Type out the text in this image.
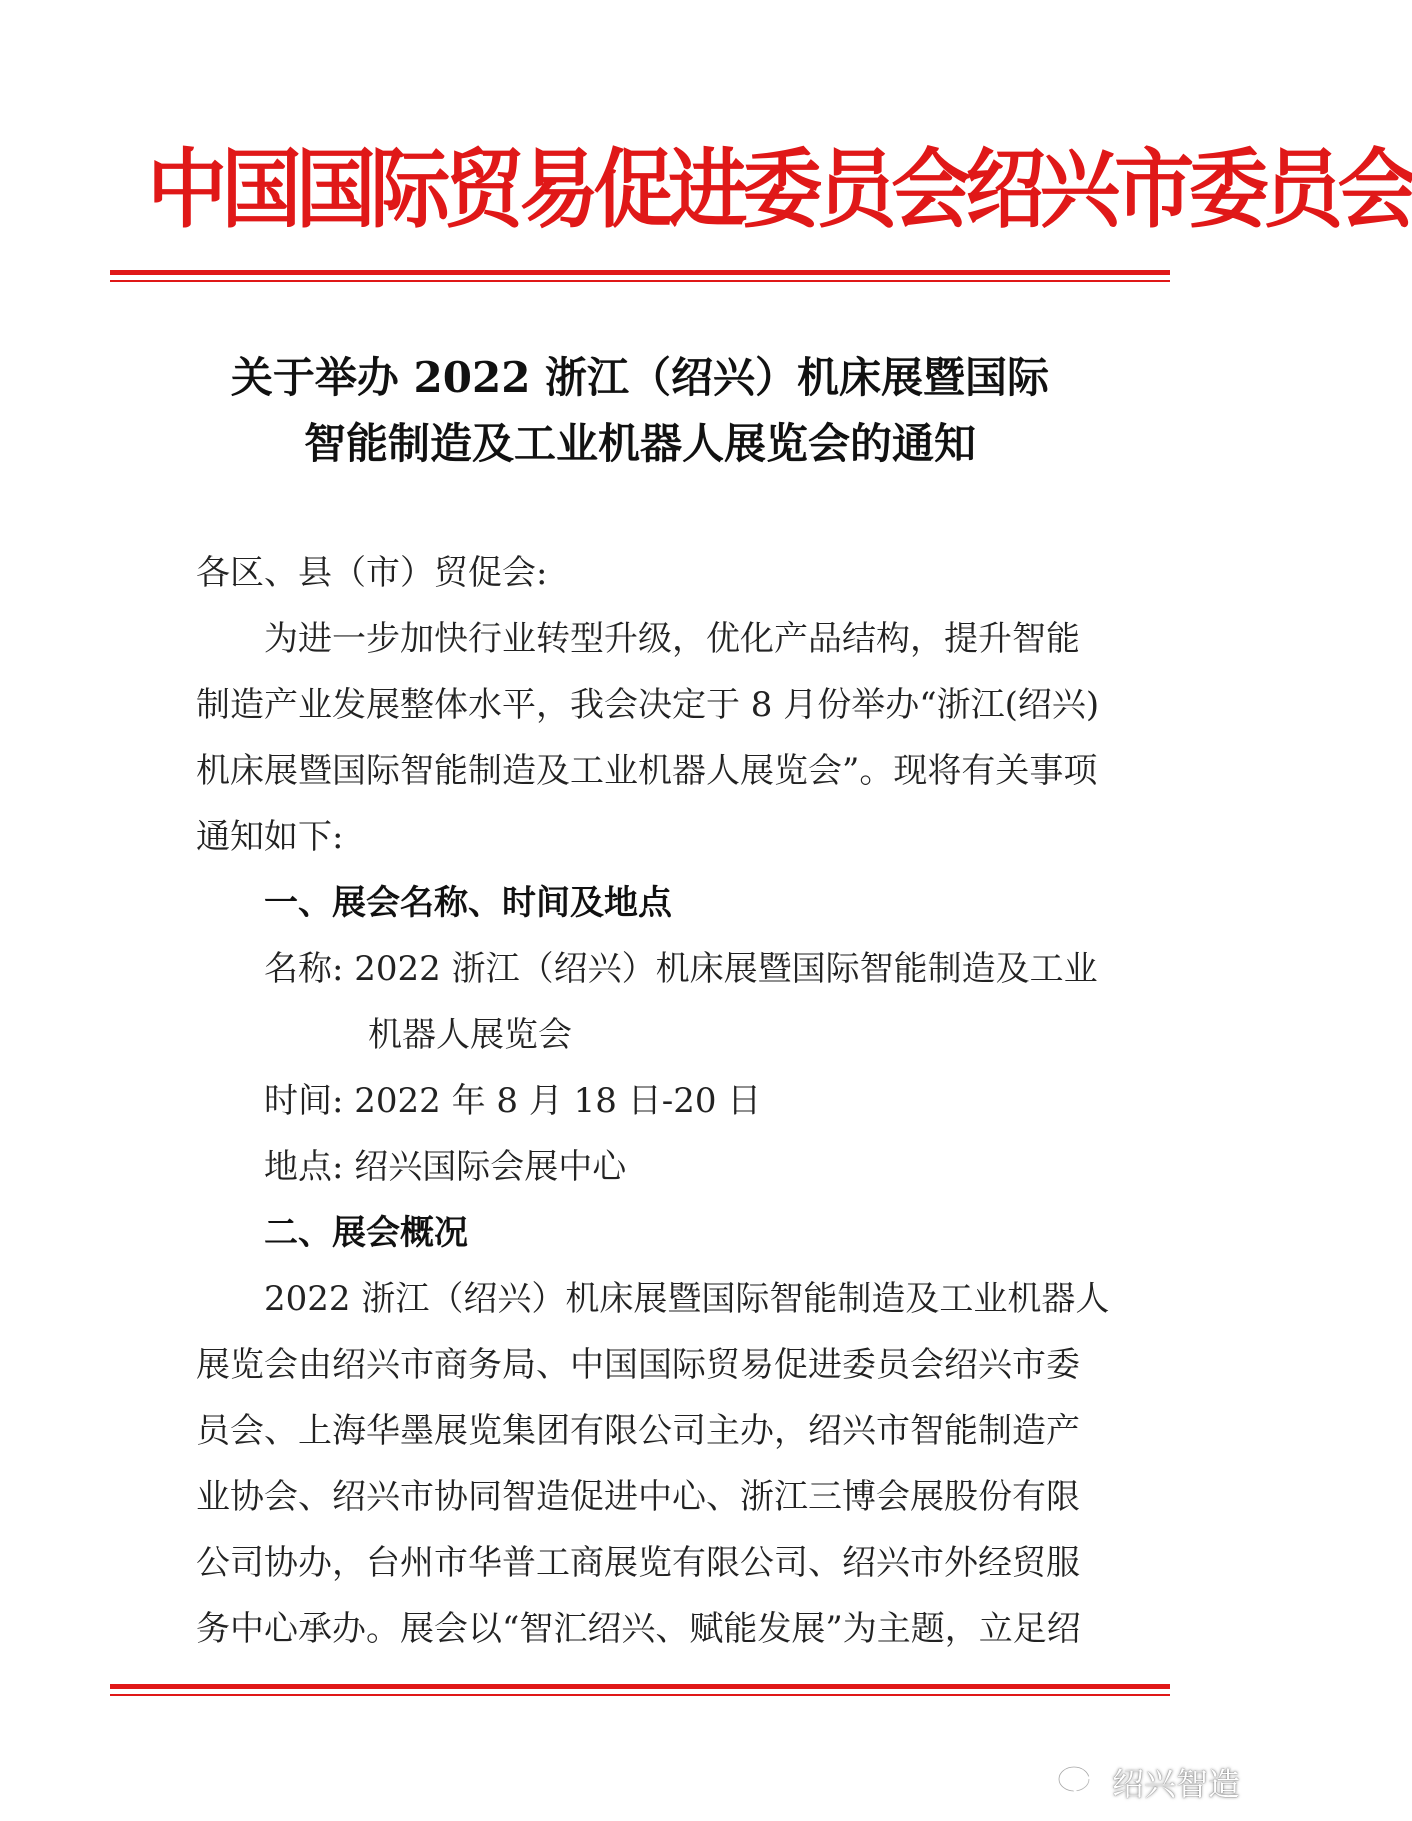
中国国际贸易促进委员会绍兴市委员会
关于举办 2022 浙江（绍兴）机床展暨国际
智能制造及工业机器人展览会的通知
各区、县（市）贸促会:
为进一步加快行业转型升级，优化产品结构，提升智能
制造产业发展整体水平，我会决定于 8 月份举办“浙江(绍兴)
机床展暨国际智能制造及工业机器人展览会”。现将有关事项
通知如下:
一、展会名称、时间及地点
名称: 2022 浙江（绍兴）机床展暨国际智能制造及工业
机器人展览会
时间: 2022 年 8 月 18 日-20 日
地点: 绍兴国际会展中心
二、展会概况
2022 浙江（绍兴）机床展暨国际智能制造及工业机器人
展览会由绍兴市商务局、中国国际贸易促进委员会绍兴市委
员会、上海华墨展览集团有限公司主办，绍兴市智能制造产
业协会、绍兴市协同智造促进中心、浙江三博会展股份有限
公司协办，台州市华普工商展览有限公司、绍兴市外经贸服
务中心承办。展会以“智汇绍兴、赋能发展”为主题，立足绍
绍兴智造
